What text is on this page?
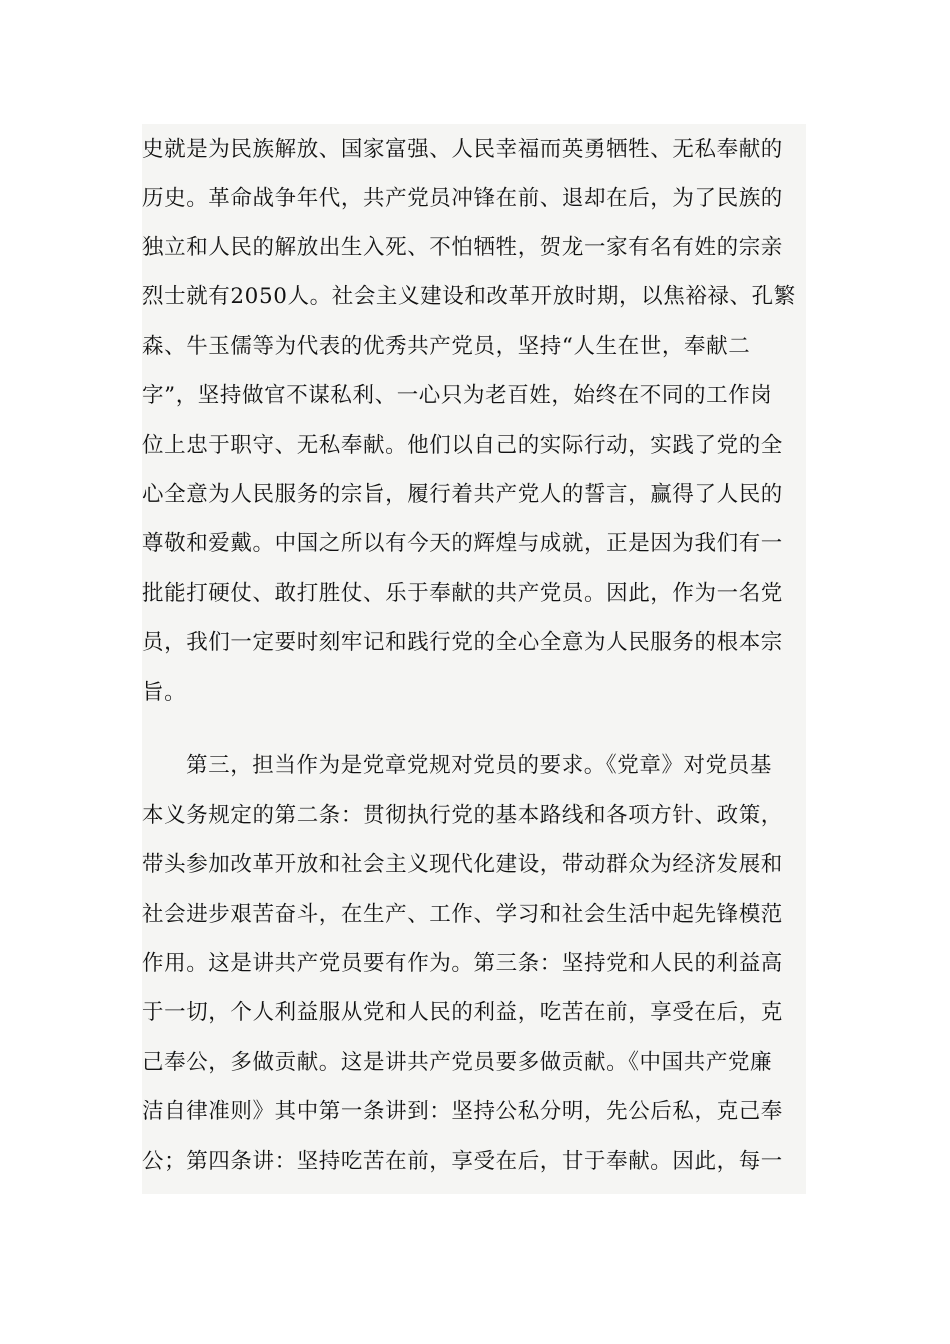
史就是为民族解放、国家富强、人民幸福而英勇牺牲、无私奉献的
历史。革命战争年代，共产党员冲锋在前、退却在后，为了民族的
独立和人民的解放出生入死、不怕牺牲，贺龙一家有名有姓的宗亲
烈士就有2050人。社会主义建设和改革开放时期，以焦裕禄、孔繁
森、牛玉儒等为代表的优秀共产党员，坚持“人生在世，奉献二
字”，坚持做官不谋私利、一心只为老百姓，始终在不同的工作岗
位上忠于职守、无私奉献。他们以自己的实际行动，实践了党的全
心全意为人民服务的宗旨，履行着共产党人的誓言，赢得了人民的
尊敬和爱戴。中国之所以有今天的辉煌与成就，正是因为我们有一
批能打硬仗、敢打胜仗、乐于奉献的共产党员。因此，作为一名党
员，我们一定要时刻牢记和践行党的全心全意为人民服务的根本宗
旨。
第三，担当作为是党章党规对党员的要求。《党章》对党员基
本义务规定的第二条：贯彻执行党的基本路线和各项方针、政策，
带头参加改革开放和社会主义现代化建设，带动群众为经济发展和
社会进步艰苦奋斗，在生产、工作、学习和社会生活中起先锋模范
作用。这是讲共产党员要有作为。第三条：坚持党和人民的利益高
于一切，个人利益服从党和人民的利益，吃苦在前，享受在后，克
己奉公，多做贡献。这是讲共产党员要多做贡献。《中国共产党廉
洁自律准则》其中第一条讲到：坚持公私分明，先公后私，克己奉
公；第四条讲：坚持吃苦在前，享受在后，甘于奉献。因此，每一
